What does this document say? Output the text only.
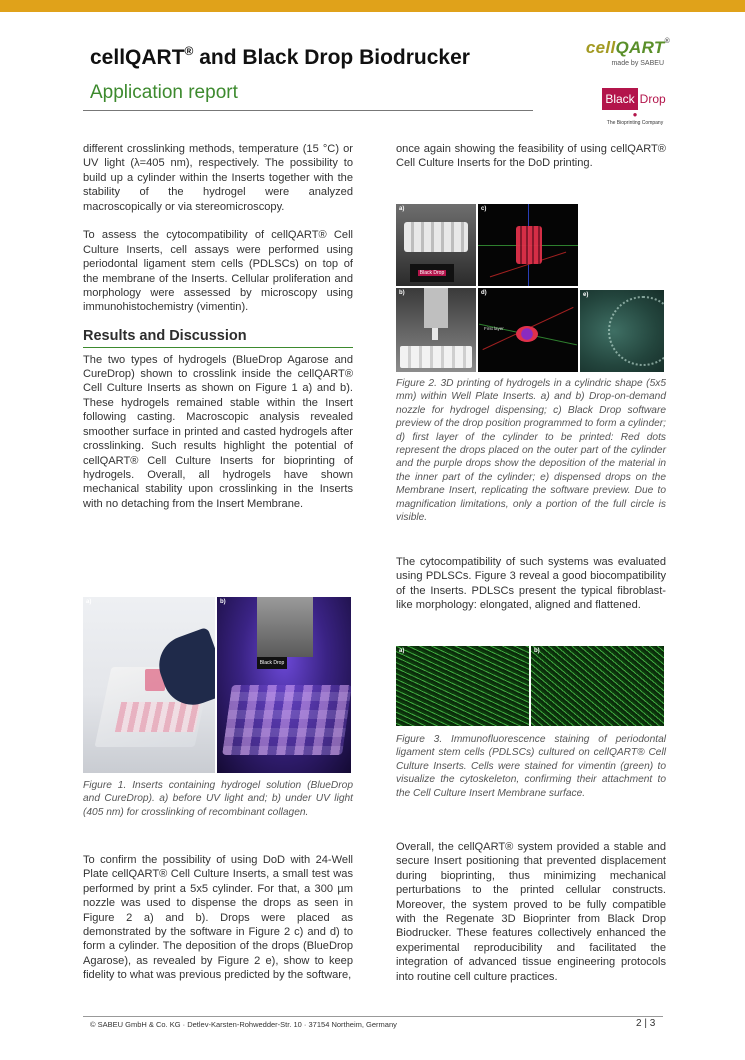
cellQART® and Black Drop Biodrucker
Application report
cellQART®
made by SABEU
Black Drop
●
The Bioprinting Company

different crosslinking methods, temperature (15 °C) or UV light (λ=405 nm), respectively. The possibility to build up a cylinder within the Inserts together with the stability of the hydrogel were analyzed macroscopically or via stereomicroscopy.

To assess the cytocompatibility of cellQART® Cell Culture Inserts, cell assays were performed using periodontal ligament stem cells (PDLSCs) on top of the membrane of the Inserts. Cellular proliferation and morphology were assessed by microscopy using immunohistochemistry (vimentin).

Results and Discussion

The two types of hydrogels (BlueDrop Agarose and CureDrop) shown to crosslink inside the cellQART® Cell Culture Inserts as shown on Figure 1 a) and b). These hydrogels remained stable within the Insert following casting. Macroscopic analysis revealed smoother surface in printed and casted hydrogels after crosslinking. Such results highlight the potential of cellQART® Cell Culture Inserts for bioprinting of hydrogels. Overall, all hydrogels have shown mechanical stability upon crosslinking in the Inserts with no detaching from the Insert Membrane.

a)
Black Drop
b)
Figure 1. Inserts containing hydrogel solution (BlueDrop and CureDrop). a) before UV light and; b) under UV light (405 nm) for crosslinking of recombinant collagen.

To confirm the possibility of using DoD with 24-Well Plate cellQART® Cell Culture Inserts, a small test was performed by print a 5x5 cylinder. For that, a 300 µm nozzle was used to dispense the drops as seen in Figure 2 a) and b). Drops were placed as demonstrated by the software in Figure 2 c) and d) to form a cylinder. The deposition of the drops (BlueDrop Agarose), as revealed by Figure 2 e), show to keep fidelity to what was previous predicted by the software,

once again showing the feasibility of using cellQART® Cell Culture Inserts for the DoD printing.

Black Drop
a)	c)
b)
First layer
d)	e)
Figure 2. 3D printing of hydrogels in a cylindric shape (5x5 mm) within Well Plate Inserts. a) and b) Drop-on-demand nozzle for hydrogel dispensing; c) Black Drop software preview of the drop position programmed to form a cylinder; d) first layer of the cylinder to be printed: Red dots represent the drops placed on the outer part of the cylinder and the purple drops show the deposition of the material in the inner part of the cylinder; e) dispensed drops on the Membrane Insert, replicating the software preview. Due to magnification limitations, only a portion of the full circle is visible.

The cytocompatibility of such systems was evaluated using PDLSCs. Figure 3 reveal a good biocompatibility of the Inserts. PDLSCs present the typical fibroblast-like morphology: elongated, aligned and flattened.

a)	b)
Figure 3. Immunofluorescence staining of periodontal ligament stem cells (PDLSCs) cultured on cellQART® Cell Culture Inserts. Cells were stained for vimentin (green) to visualize the cytoskeleton, confirming their attachment to the Cell Culture Insert Membrane surface.

Overall, the cellQART® system provided a stable and secure Insert positioning that prevented displacement during bioprinting, thus minimizing mechanical perturbations to the printed cellular constructs. Moreover, the system proved to be fully compatible with the Regenate 3D Bioprinter from Black Drop Biodrucker. These features collectively enhanced the experimental reproducibility and facilitated the integration of advanced tissue engineering protocols into routine cell culture practices.

© SABEU GmbH & Co. KG · Detlev-Karsten-Rohwedder-Str. 10 · 37154 Northeim, Germany	2 | 3
